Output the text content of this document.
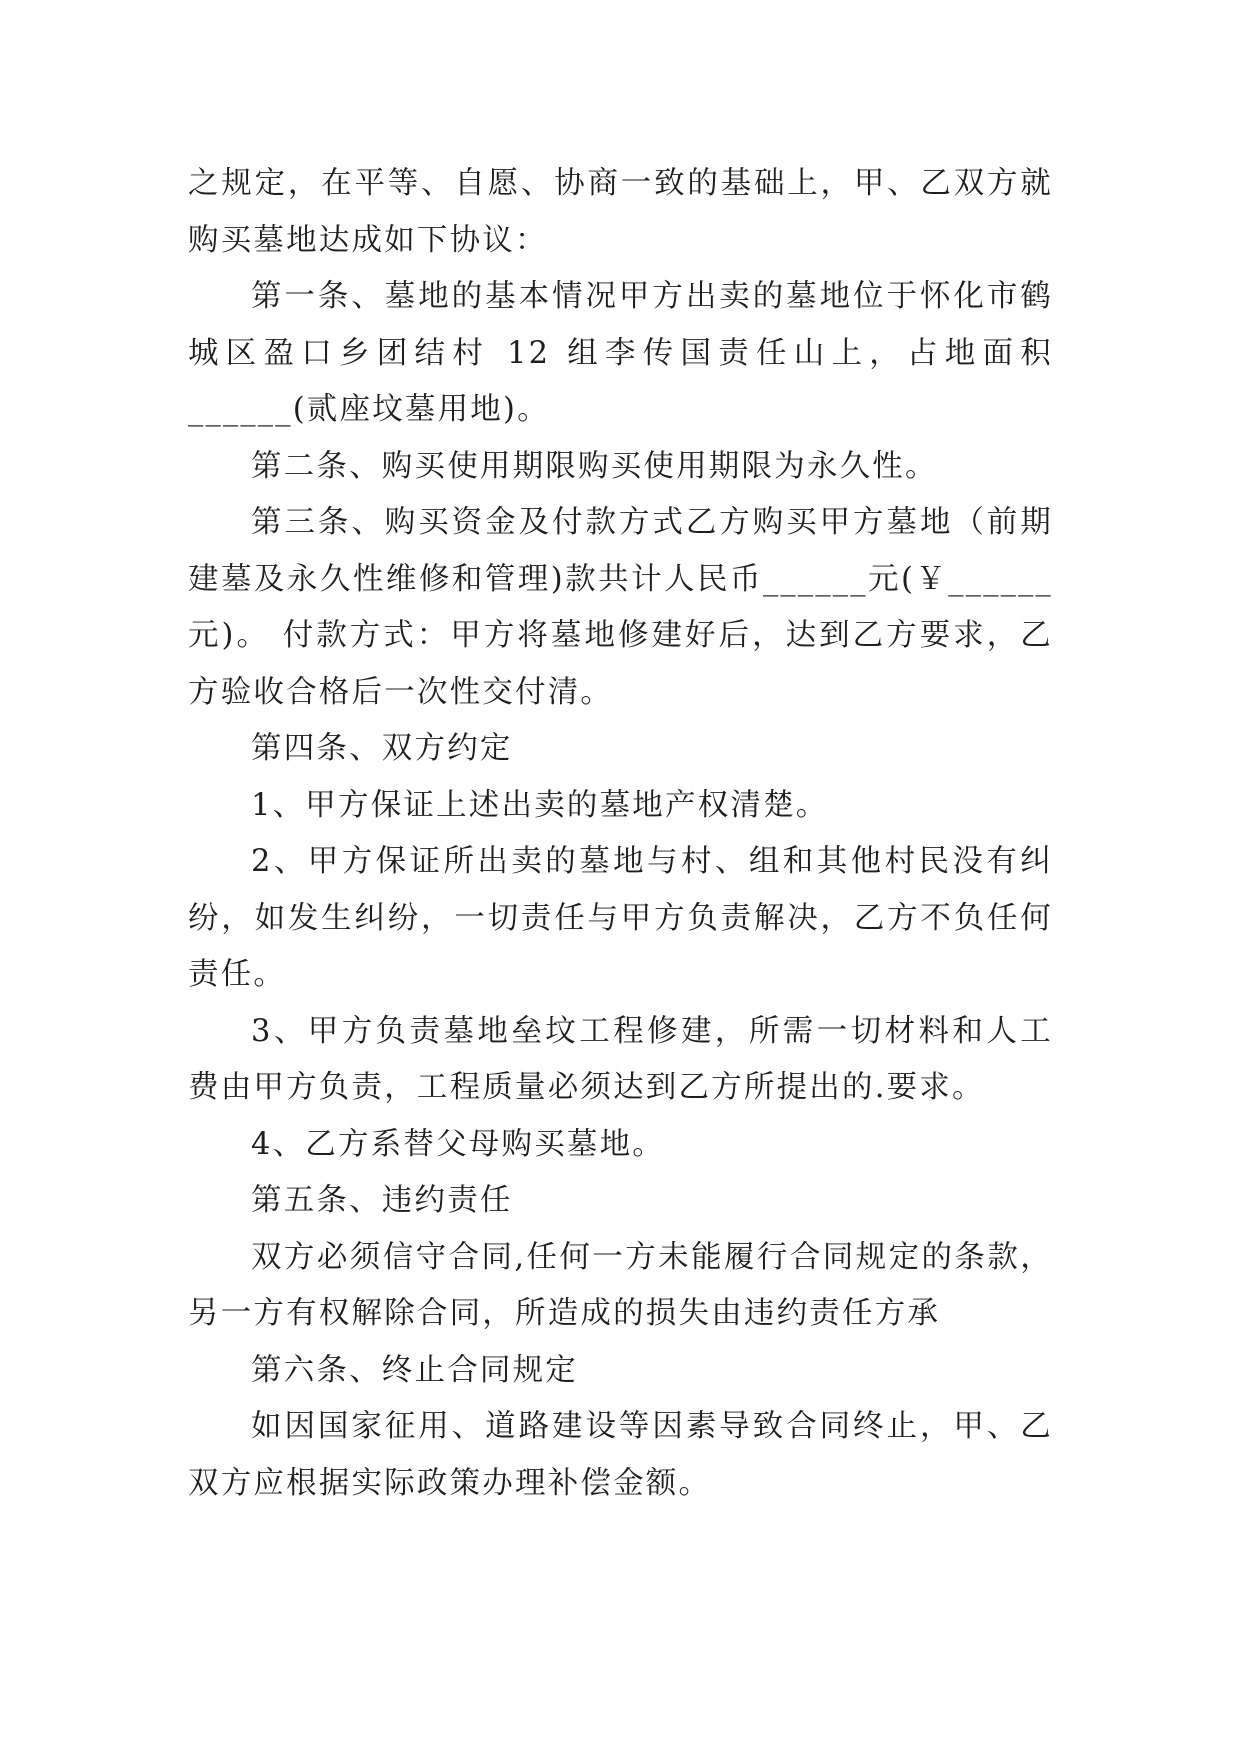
之规定，在平等、自愿、协商一致的基础上，甲、乙双方就购买墓地达成如下协议：

第一条、墓地的基本情况甲方出卖的墓地位于怀化市鹤城区盈口乡团结村 12 组李传国责任山上，占地面积______(贰座坟墓用地)。

第二条、购买使用期限购买使用期限为永久性。

第三条、购买资金及付款方式乙方购买甲方墓地（前期建墓及永久性维修和管理)款共计人民币______元(￥______元)。 付款方式：甲方将墓地修建好后，达到乙方要求，乙方验收合格后一次性交付清。

第四条、双方约定

1、甲方保证上述出卖的墓地产权清楚。

2、甲方保证所出卖的墓地与村、组和其他村民没有纠纷，如发生纠纷，一切责任与甲方负责解决，乙方不负任何责任。

3、甲方负责墓地垒坟工程修建，所需一切材料和人工费由甲方负责，工程质量必须达到乙方所提出的.要求。

4、乙方系替父母购买墓地。

第五条、违约责任

双方必须信守合同,任何一方未能履行合同规定的条款，另一方有权解除合同，所造成的损失由违约责任方承

第六条、终止合同规定

如因国家征用、道路建设等因素导致合同终止，甲、乙双方应根据实际政策办理补偿金额。
